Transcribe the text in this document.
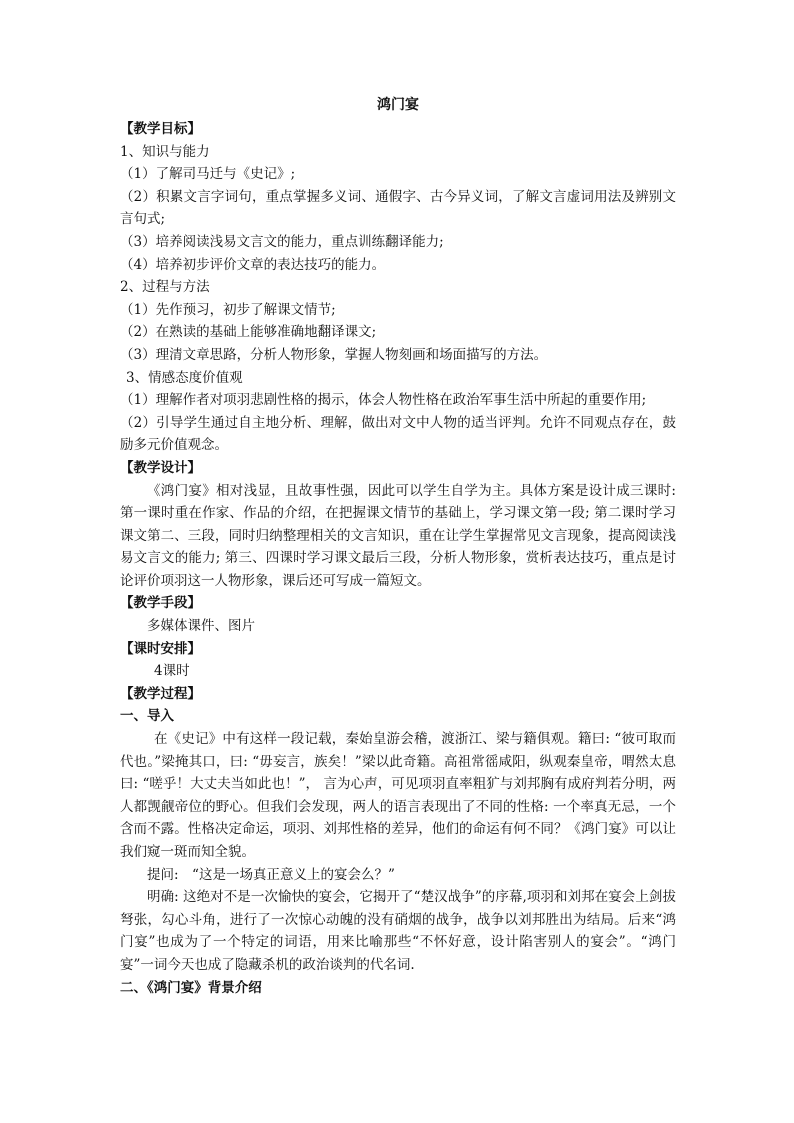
鸿门宴
【教学目标】
1、知识与能力
（1）了解司马迁与《史记》;
（2）积累文言字词句，重点掌握多义词、通假字、古今异义词，了解文言虚词用法及辨别文言句式;
（3）培养阅读浅易文言文的能力，重点训练翻译能力;
（4）培养初步评价文章的表达技巧的能力。
2、过程与方法
（1）先作预习，初步了解课文情节;
（2）在熟读的基础上能够准确地翻译课文;
（3）理清文章思路，分析人物形象，掌握人物刻画和场面描写的方法。
3、情感态度价值观
（1）理解作者对项羽悲剧性格的揭示，体会人物性格在政治军事生活中所起的重要作用;
（2）引导学生通过自主地分析、理解，做出对文中人物的适当评判。允许不同观点存在，鼓励多元价值观念。
【教学设计】
《鸿门宴》相对浅显，且故事性强，因此可以学生自学为主。具体方案是设计成三课时: 第一课时重在作家、作品的介绍，在把握课文情节的基础上，学习课文第一段; 第二课时学习课文第二、三段，同时归纳整理相关的文言知识，重在让学生掌握常见文言现象，提高阅读浅易文言文的能力; 第三、四课时学习课文最后三段，分析人物形象，赏析表达技巧，重点是讨论评价项羽这一人物形象，课后还可写成一篇短文。
【教学手段】
多媒体课件、图片
【课时安排】
4课时
【教学过程】
一、导入
在《史记》中有这样一段记载，秦始皇游会稽，渡浙江、梁与籍俱观。籍曰: “彼可取而代也。”梁掩其口，曰: “毋妄言，族矣！”梁以此奇籍。高祖常徭咸阳，纵观秦皇帝，喟然太息曰: “嗟乎！大丈夫当如此也！”， 言为心声，可见项羽直率粗犷与刘邦胸有成府判若分明，两人都觊觎帝位的野心。但我们会发现，两人的语言表现出了不同的性格: 一个率真无忌，一个含而不露。性格决定命运，项羽、刘邦性格的差异，他们的命运有何不同？《鸿门宴》可以让我们窥一斑而知全貌。
提问:　“这是一场真正意义上的宴会么？”
明确: 这绝对不是一次愉快的宴会，它揭开了“楚汉战争”的序幕,项羽和刘邦在宴会上剑拔弩张，勾心斗角，进行了一次惊心动魄的没有硝烟的战争，战争以刘邦胜出为结局。后来“鸿门宴”也成为了一个特定的词语，用来比喻那些“不怀好意，设计陷害别人的宴会”。“鸿门宴”一词今天也成了隐藏杀机的政治谈判的代名词.
二、《鸿门宴》背景介绍
